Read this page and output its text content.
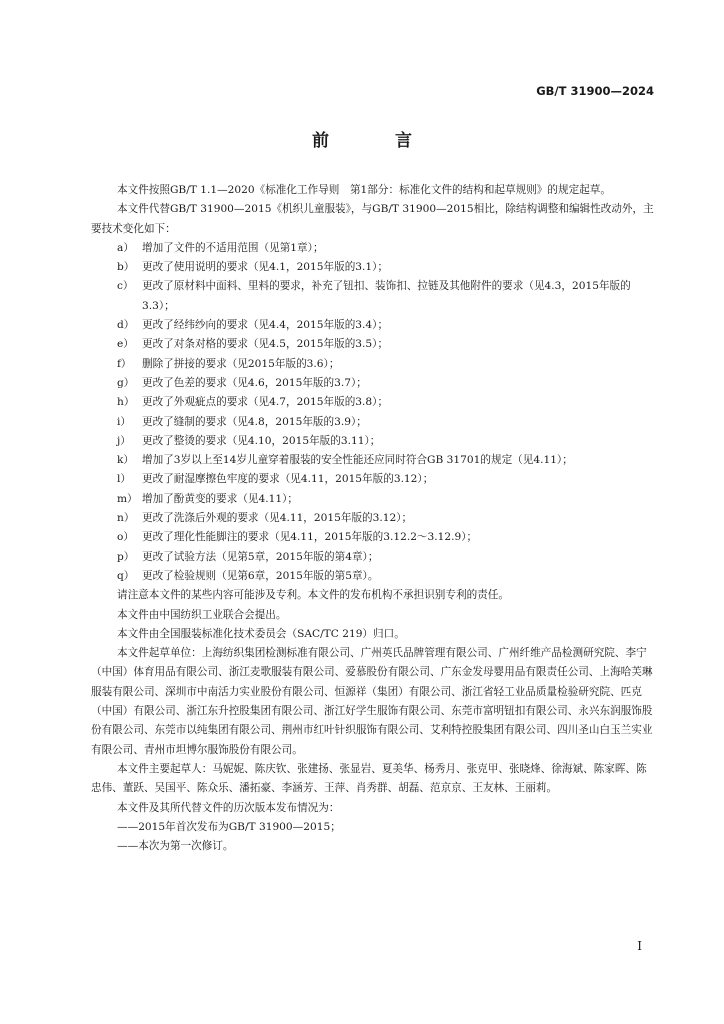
GB/T 31900—2024
前 言

本文件按照GB/T 1.1—2020《标准化工作导则　第1部分：标准化文件的结构和起草规则》的规定起草。

本文件代替GB/T 31900—2015《机织儿童服装》，与GB/T 31900—2015相比，除结构调整和编辑性改动外，主要技术变化如下：

a） 增加了文件的不适用范围（见第1章）；
b） 更改了使用说明的要求（见4.1，2015年版的3.1）；
c） 更改了原材料中面料、里料的要求，补充了钮扣、装饰扣、拉链及其他附件的要求（见4.3，2015年版的3.3）；
d） 更改了经纬纱向的要求（见4.4，2015年版的3.4）；
e） 更改了对条对格的要求（见4.5，2015年版的3.5）；
f） 删除了拼接的要求（见2015年版的3.6）；
g） 更改了色差的要求（见4.6，2015年版的3.7）；
h） 更改了外观疵点的要求（见4.7，2015年版的3.8）；
i） 更改了缝制的要求（见4.8，2015年版的3.9）；
j） 更改了整烫的要求（见4.10，2015年版的3.11）；
k） 增加了3岁以上至14岁儿童穿着服装的安全性能还应同时符合GB 31701的规定（见4.11）；
l） 更改了耐湿摩擦色牢度的要求（见4.11，2015年版的3.12）；
m） 增加了酚黄变的要求（见4.11）；
n） 更改了洗涤后外观的要求（见4.11，2015年版的3.12）；
o） 更改了理化性能脚注的要求（见4.11，2015年版的3.12.2～3.12.9）；
p） 更改了试验方法（见第5章，2015年版的第4章）；
q） 更改了检验规则（见第6章，2015年版的第5章）。

请注意本文件的某些内容可能涉及专利。本文件的发布机构不承担识别专利的责任。

本文件由中国纺织工业联合会提出。

本文件由全国服装标准化技术委员会（SAC/TC 219）归口。

本文件起草单位：上海纺织集团检测标准有限公司、广州英氏品牌管理有限公司、广州纤维产品检测研究院、李宁（中国）体育用品有限公司、浙江麦歌服装有限公司、爱慕股份有限公司、广东金发母婴用品有限责任公司、上海哈芙琳服装有限公司、深圳市中南活力实业股份有限公司、恒源祥（集团）有限公司、浙江省轻工业品质量检验研究院、匹克（中国）有限公司、浙江东升控股集团有限公司、浙江好学生服饰有限公司、东莞市富明钮扣有限公司、永兴东润服饰股份有限公司、东莞市以纯集团有限公司、荆州市红叶针织服饰有限公司、艾利特控股集团有限公司、四川圣山白玉兰实业有限公司、青州市坦博尔服饰股份有限公司。

本文件主要起草人：马妮妮、陈庆钦、张建扬、张显岩、夏美华、杨秀月、张克甲、张晓烽、徐海斌、陈家晖、陈忠伟、董跃、吴国平、陈众乐、潘拓豪、李涵芳、王萍、肖秀群、胡磊、范京京、王友林、王丽莉。

本文件及其所代替文件的历次版本发布情况为：

——2015年首次发布为GB/T 31900—2015；

——本次为第一次修订。

I
